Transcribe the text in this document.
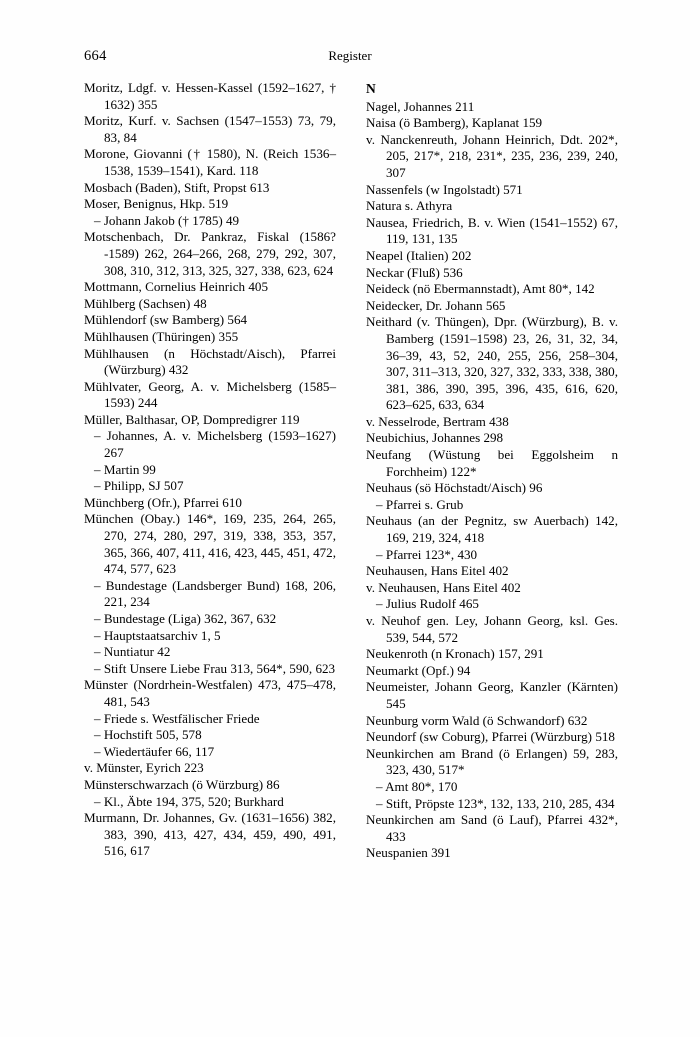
664	Register

Moritz, Ldgf. v. Hessen-Kassel (1592–1627, † 1632) 355

Moritz, Kurf. v. Sachsen (1547–1553) 73, 79, 83, 84

Morone, Giovanni († 1580), N. (Reich 1536–1538, 1539–1541), Kard. 118

Mosbach (Baden), Stift, Propst 613

Moser, Benignus, Hkp. 519

– Johann Jakob († 1785) 49

Motschenbach, Dr. Pankraz, Fiskal (1586?-1589) 262, 264–266, 268, 279, 292, 307, 308, 310, 312, 313, 325, 327, 338, 623, 624

Mottmann, Cornelius Heinrich 405

Mühlberg (Sachsen) 48

Mühlendorf (sw Bamberg) 564

Mühlhausen (Thüringen) 355

Mühlhausen (n Höchstadt/Aisch), Pfarrei (Würzburg) 432

Mühlvater, Georg, A. v. Michelsberg (1585–1593) 244

Müller, Balthasar, OP, Dompredigrer 119

– Johannes, A. v. Michelsberg (1593–1627) 267

– Martin 99

– Philipp, SJ 507

Münchberg (Ofr.), Pfarrei 610

München (Obay.) 146*, 169, 235, 264, 265, 270, 274, 280, 297, 319, 338, 353, 357, 365, 366, 407, 411, 416, 423, 445, 451, 472, 474, 577, 623

– Bundestage (Landsberger Bund) 168, 206, 221, 234

– Bundestage (Liga) 362, 367, 632

– Hauptstaatsarchiv 1, 5

– Nuntiatur 42

– Stift Unsere Liebe Frau 313, 564*, 590, 623

Münster (Nordrhein-Westfalen) 473, 475–478, 481, 543

– Friede s. Westfälischer Friede

– Hochstift 505, 578

– Wiedertäufer 66, 117

v. Münster, Eyrich 223

Münsterschwarzach (ö Würzburg) 86

– Kl., Äbte 194, 375, 520; Burkhard

Murmann, Dr. Johannes, Gv. (1631–1656) 382, 383, 390, 413, 427, 434, 459, 490, 491, 516, 617

N

Nagel, Johannes 211

Naisa (ö Bamberg), Kaplanat 159

v. Nanckenreuth, Johann Heinrich, Ddt. 202*, 205, 217*, 218, 231*, 235, 236, 239, 240, 307

Nassenfels (w Ingolstadt) 571

Natura s. Athyra

Nausea, Friedrich, B. v. Wien (1541–1552) 67, 119, 131, 135

Neapel (Italien) 202

Neckar (Fluß) 536

Neideck (nö Ebermannstadt), Amt 80*, 142

Neidecker, Dr. Johann 565

Neithard (v. Thüngen), Dpr. (Würzburg), B. v. Bamberg (1591–1598) 23, 26, 31, 32, 34, 36–39, 43, 52, 240, 255, 256, 258–304, 307, 311–313, 320, 327, 332, 333, 338, 380, 381, 386, 390, 395, 396, 435, 616, 620, 623–625, 633, 634

v. Nesselrode, Bertram 438

Neubichius, Johannes 298

Neufang (Wüstung bei Eggolsheim n Forchheim) 122*

Neuhaus (sö Höchstadt/Aisch) 96

– Pfarrei s. Grub

Neuhaus (an der Pegnitz, sw Auerbach) 142, 169, 219, 324, 418

– Pfarrei 123*, 430

Neuhausen, Hans Eitel 402

v. Neuhausen, Hans Eitel 402

– Julius Rudolf 465

v. Neuhof gen. Ley, Johann Georg, ksl. Ges. 539, 544, 572

Neukenroth (n Kronach) 157, 291

Neumarkt (Opf.) 94

Neumeister, Johann Georg, Kanzler (Kärnten) 545

Neunburg vorm Wald (ö Schwandorf) 632

Neundorf (sw Coburg), Pfarrei (Würzburg) 518

Neunkirchen am Brand (ö Erlangen) 59, 283, 323, 430, 517*

– Amt 80*, 170

– Stift, Pröpste 123*, 132, 133, 210, 285, 434

Neunkirchen am Sand (ö Lauf), Pfarrei 432*, 433

Neuspanien 391
